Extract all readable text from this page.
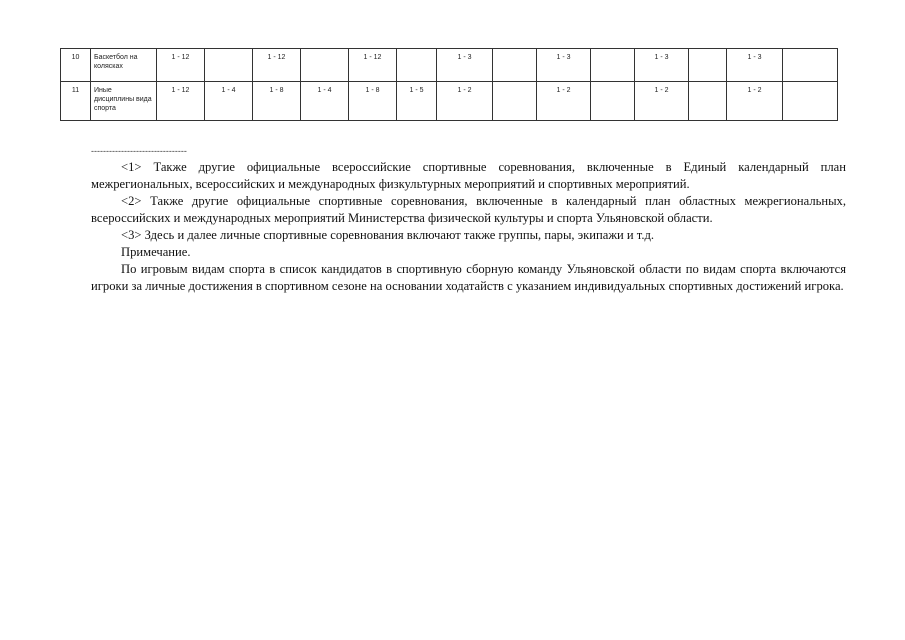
10	Баскетбол на колясках	1 - 12		1 - 12		1 - 12		1 - 3		1 - 3		1 - 3		1 - 3	
11	Иные дисциплины вида спорта	1 - 12	1 - 4	1 - 8	1 - 4	1 - 8	1 - 5	1 - 2		1 - 2		1 - 2		1 - 2	
--------------------------------

<1> Также другие официальные всероссийские спортивные соревнования, включенные в Единый календарный план межрегиональных, всероссийских и международных физкультурных мероприятий и спортивных мероприятий.

<2> Также другие официальные спортивные соревнования, включенные в календарный план областных межрегиональных, всероссийских и международных мероприятий Министерства физической культуры и спорта Ульяновской области.

<3> Здесь и далее личные спортивные соревнования включают также группы, пары, экипажи и т.д.

Примечание.

По игровым видам спорта в список кандидатов в спортивную сборную команду Ульяновской области по видам спорта включаются игроки за личные достижения в спортивном сезоне на основании ходатайств с указанием индивидуальных спортивных достижений игрока.
